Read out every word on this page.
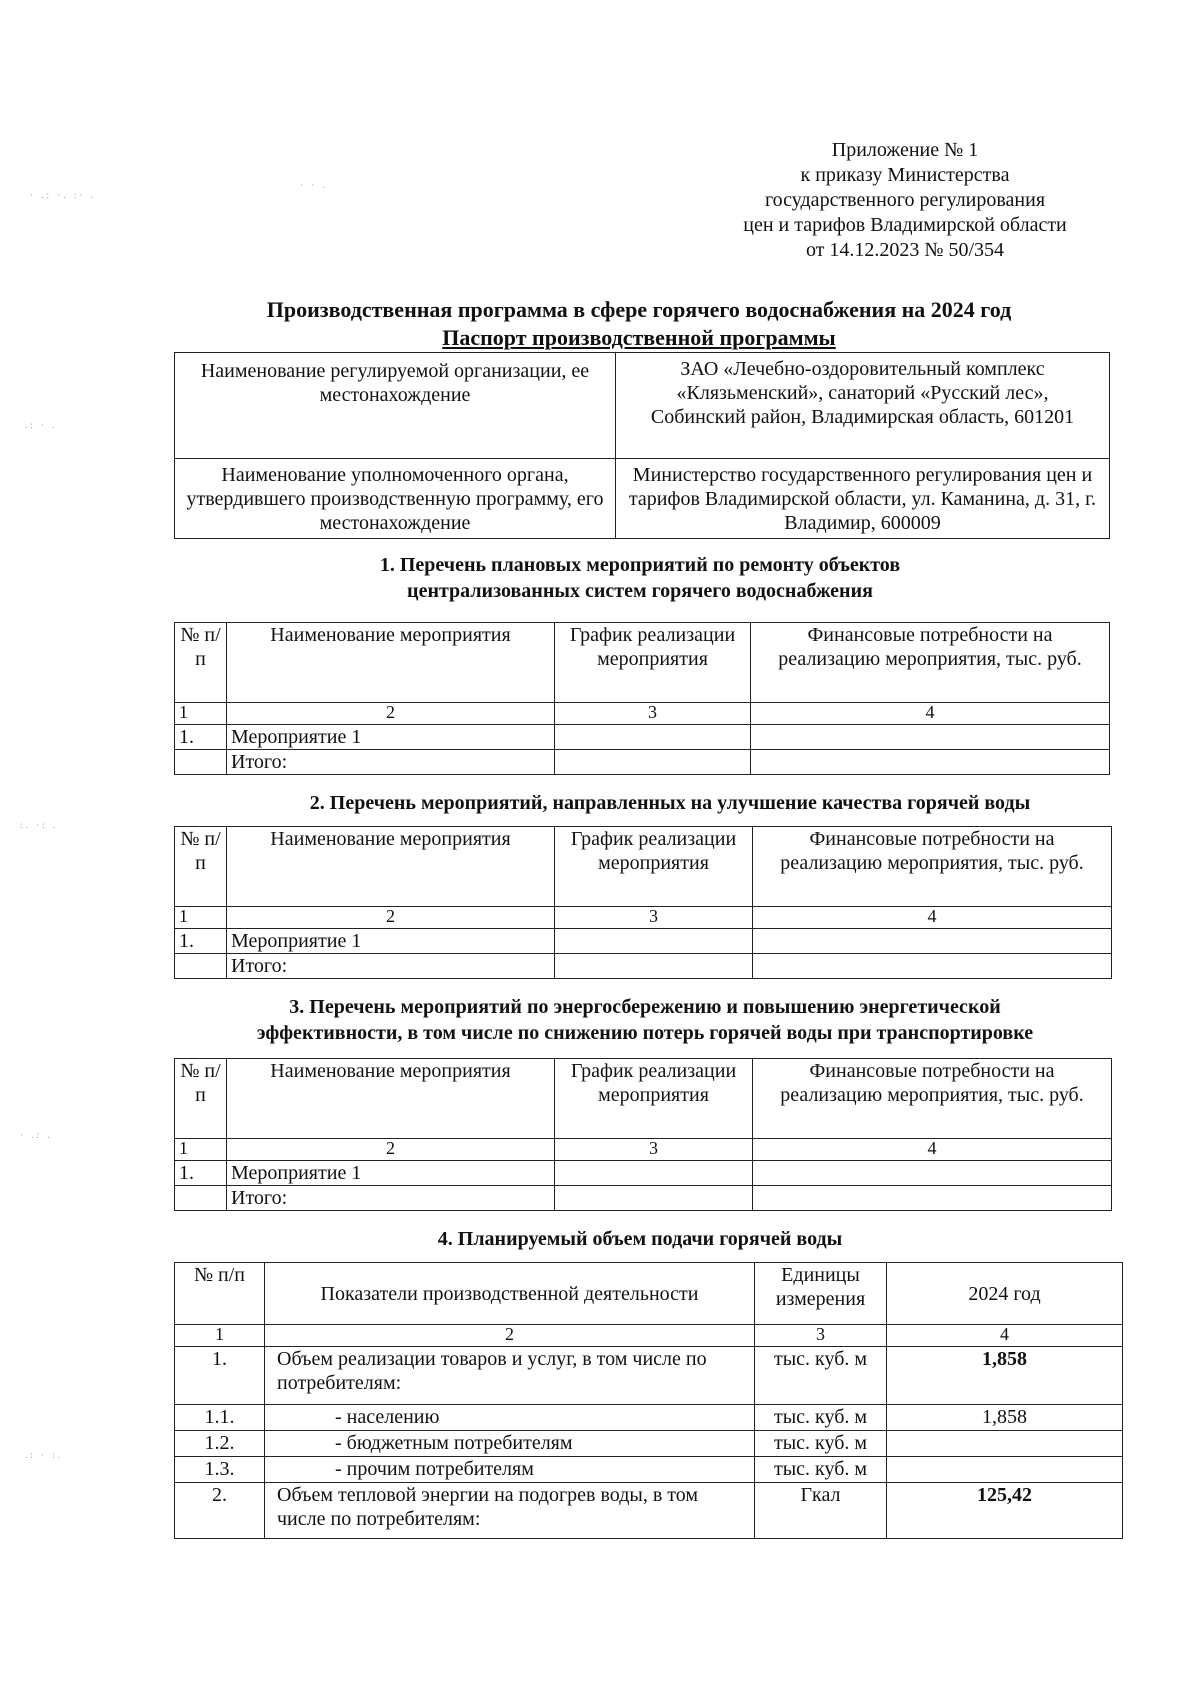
· .: ·. :· .
· · .
.: · .
:. ·: .
· .: .
.: · :.
Приложение № 1
к приказу Министерства
государственного регулирования
цен и тарифов Владимирской области
от 14.12.2023 № 50/354
Производственная программа в сфере горячего водоснабжения на 2024 год
Паспорт производственной программы
Наименование регулируемой организации, ее местонахождение	ЗАО «Лечебно-оздоровительный комплекс «Клязьменский», санаторий «Русский лес», Собинский район, Владимирская область, 601201
Наименование уполномоченного органа, утвердившего производственную программу, его местонахождение	Министерство государственного регулирования цен и тарифов Владимирской области, ул. Каманина, д. 31, г. Владимир, 600009
1. Перечень плановых мероприятий по ремонту объектов
централизованных систем горячего водоснабжения
№ п/п	Наименование мероприятия	График реализации мероприятия	Финансовые потребности на реализацию мероприятия, тыс. руб.
1	2	3	4
1.	Мероприятие 1		
	Итого:		
2. Перечень мероприятий, направленных на улучшение качества горячей воды
№ п/п	Наименование мероприятия	График реализации мероприятия	Финансовые потребности на реализацию мероприятия, тыс. руб.
1	2	3	4
1.	Мероприятие 1		
	Итого:		
3. Перечень мероприятий по энергосбережению и повышению энергетической
эффективности, в том числе по снижению потерь горячей воды при транспортировке
№ п/п	Наименование мероприятия	График реализации мероприятия	Финансовые потребности на реализацию мероприятия, тыс. руб.
1	2	3	4
1.	Мероприятие 1		
	Итого:		
4. Планируемый объем подачи горячей воды
№ п/п	Показатели производственной деятельности	Единицы измерения	2024 год
1	2	3	4
1.	Объем реализации товаров и услуг, в том числе по потребителям:	тыс. куб. м	1,858
1.1.	- населению	тыс. куб. м	1,858
1.2.	- бюджетным потребителям	тыс. куб. м	
1.3.	- прочим потребителям	тыс. куб. м	
2.	Объем тепловой энергии на подогрев воды, в том числе по потребителям:	Гкал	125,42
